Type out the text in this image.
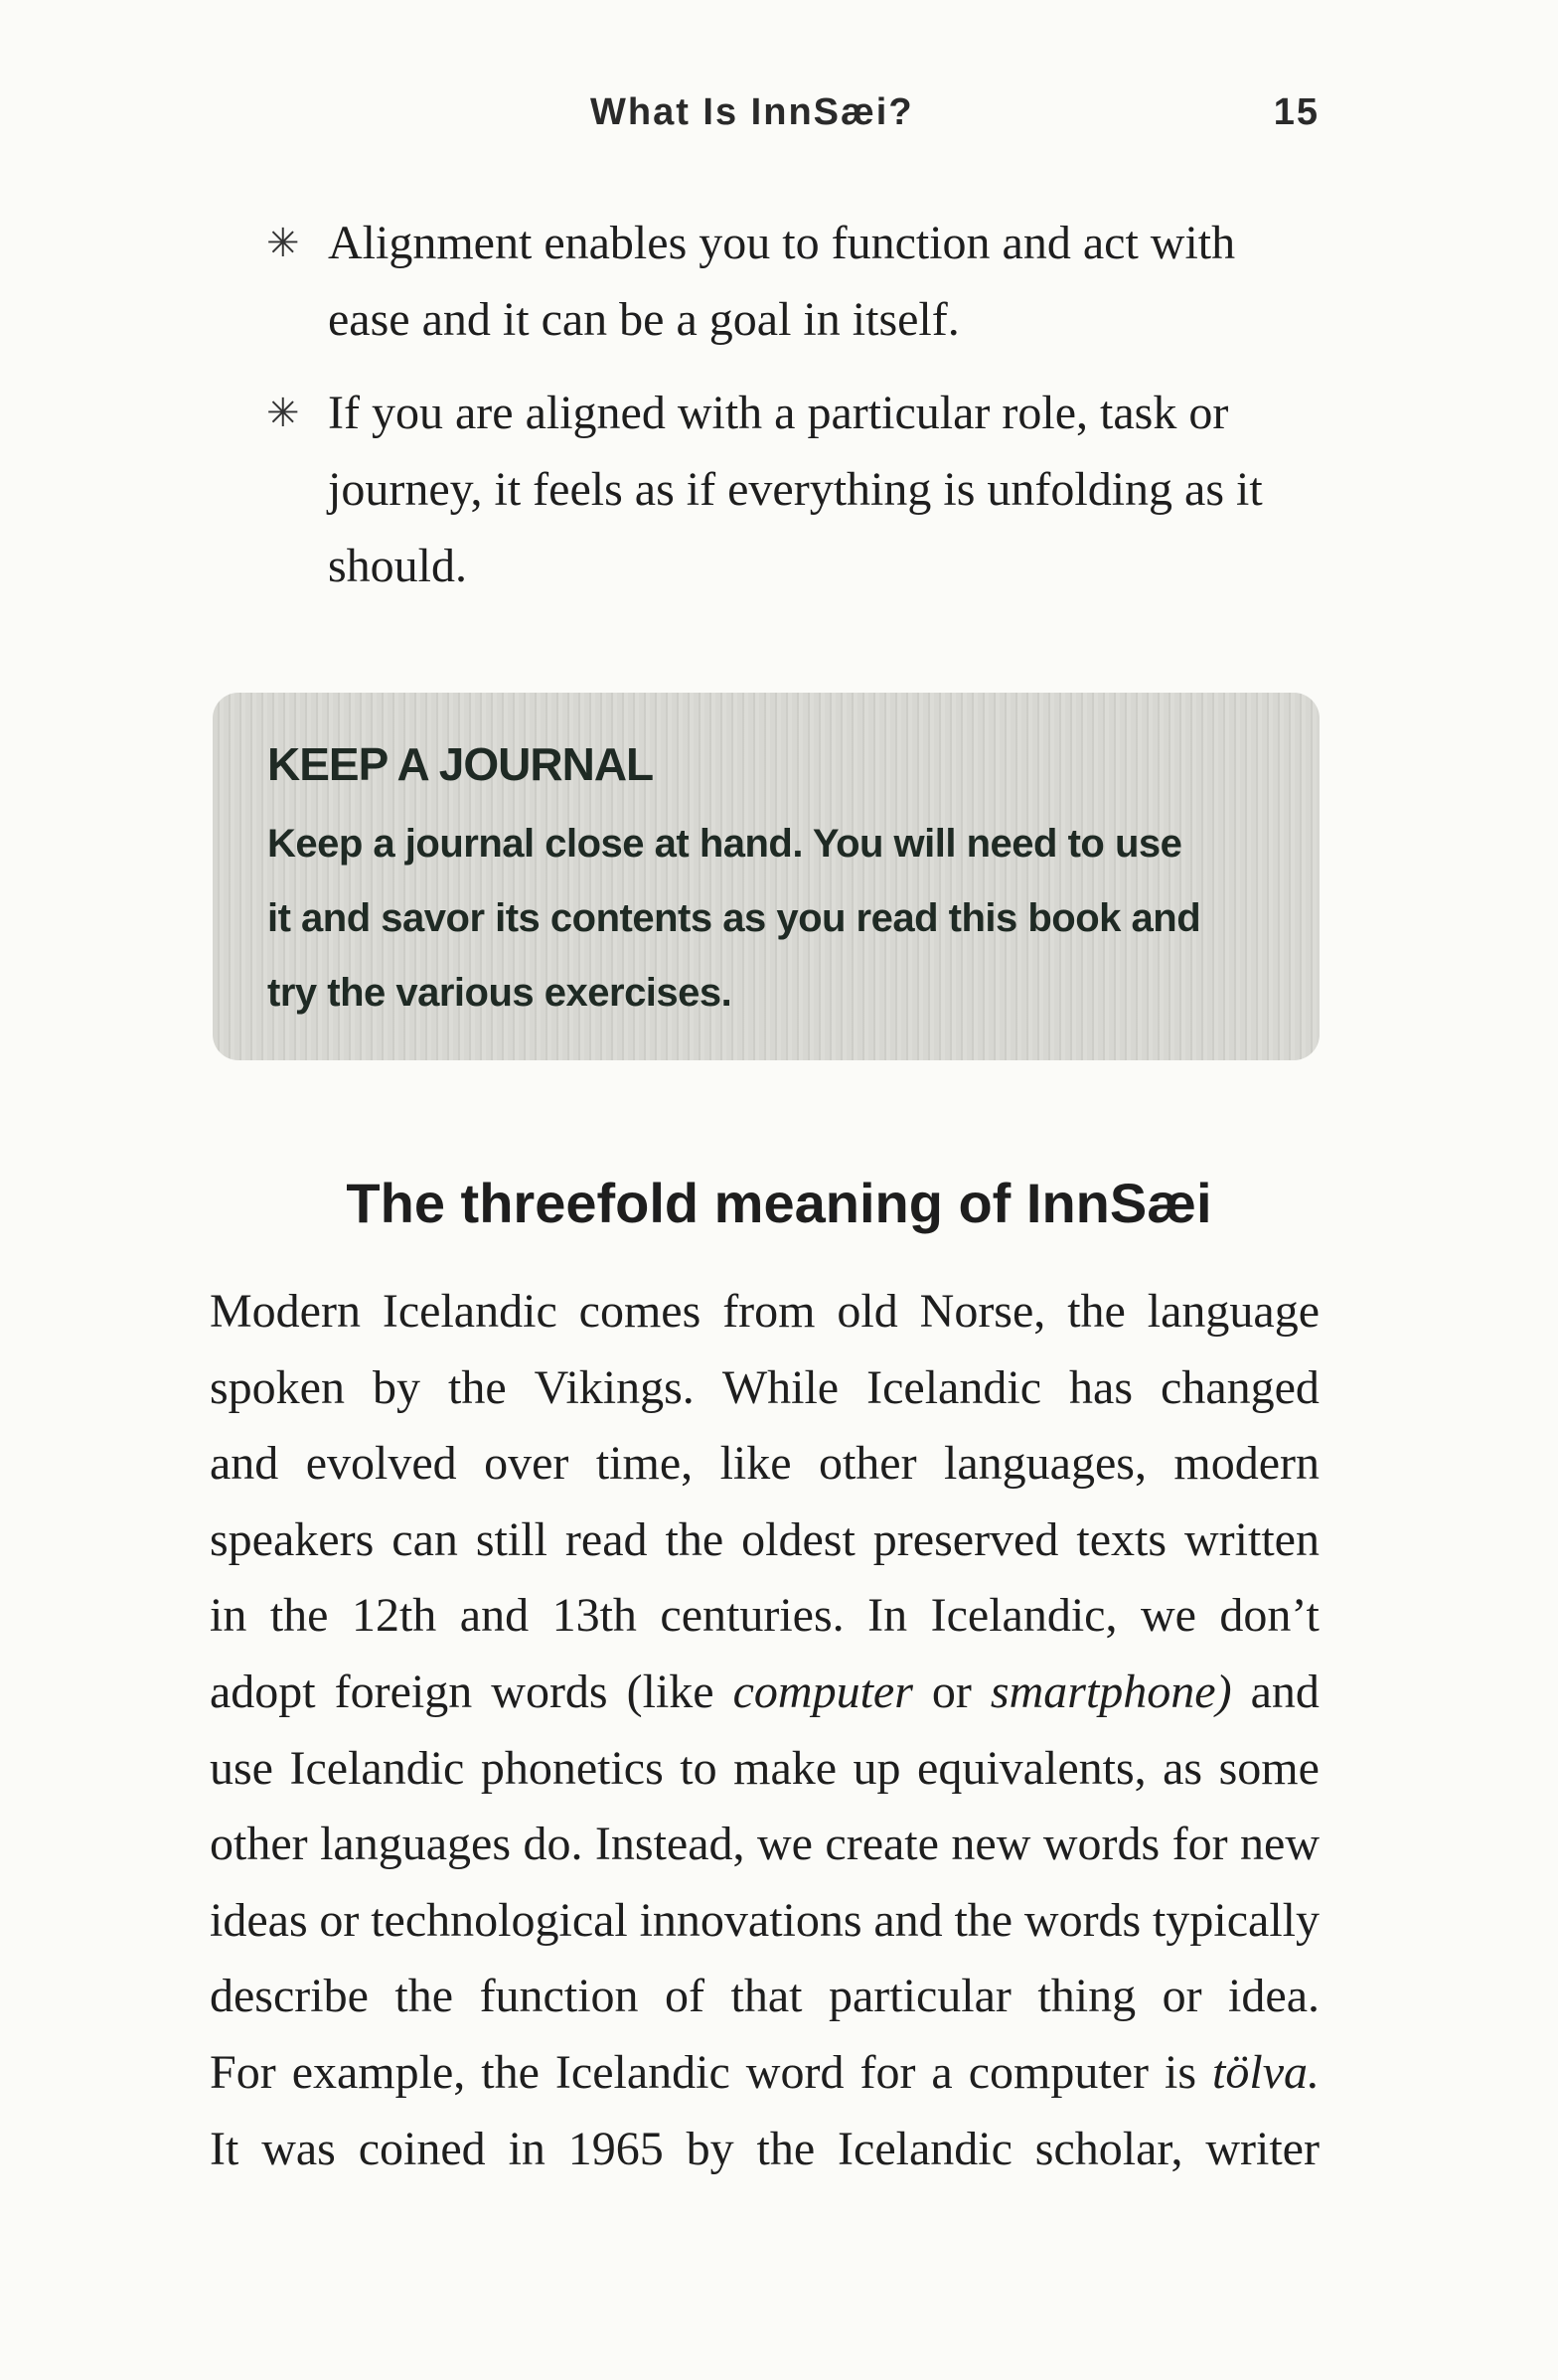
What Is InnSæi?	15
✳ Alignment enables you to function and act with
ease and it can be a goal in itself.
✳ If you are aligned with a particular role, task or
journey, it feels as if everything is unfolding as it
should.
KEEP A JOURNAL
Keep a journal close at hand. You will need to use
it and savor its contents as you read this book and
try the various exercises.
The threefold meaning of InnSæi
Modern Icelandic comes from old Norse, the language
spoken by the Vikings. While Icelandic has changed
and evolved over time, like other languages, modern
speakers can still read the oldest preserved texts written
in the 12th and 13th centuries. In Icelandic, we don’t
adopt foreign words (like computer or smartphone) and
use Icelandic phonetics to make up equivalents, as some
other languages do. Instead, we create new words for new
ideas or technological innovations and the words typically
describe the function of that particular thing or idea.
For example, the Icelandic word for a computer is tölva.
It was coined in 1965 by the Icelandic scholar, writer
